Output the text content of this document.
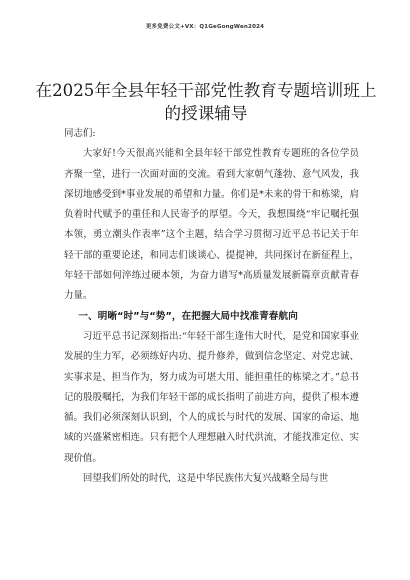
更多免费公文+VX：Q1GeGongWen2024
在2025年全县年轻干部党性教育专题培训班上的授课辅导

同志们:

大家好!今天很高兴能和全县年轻干部党性教育专题班的各位学员齐聚一堂，进行一次面对面的交流。看到大家朝气蓬勃、意气风发，我深切地感受到*事业发展的希望和力量。你们是*未来的骨干和栋梁，肩负着时代赋予的重任和人民寄予的厚望。今天，我想围绕“牢记嘱托强本领，勇立潮头作表率”这个主题，结合学习贯彻习近平总书记关于年轻干部的重要论述，和同志们谈谈心、提提神，共同探讨在新征程上，年轻干部如何淬练过硬本领，为奋力谱写*高质量发展新篇章贡献青春力量。

一、明晰“时”与“势”，在把握大局中找准青春航向

习近平总书记深刻指出:“年轻干部生逢伟大时代，是党和国家事业发展的生力军，必须练好内功、提升修养，做到信念坚定、对党忠诚、实事求是、担当作为，努力成为可堪大用、能担重任的栋梁之才。”总书记的殷殷嘱托，为我们年轻干部的成长指明了前进方向，提供了根本遵循。我们必须深刻认识到，个人的成长与时代的发展、国家的命运、地域的兴盛紧密相连。只有把个人理想融入时代洪流，才能找准定位、实现价值。

回望我们所处的时代，这是中华民族伟大复兴战略全局与世
